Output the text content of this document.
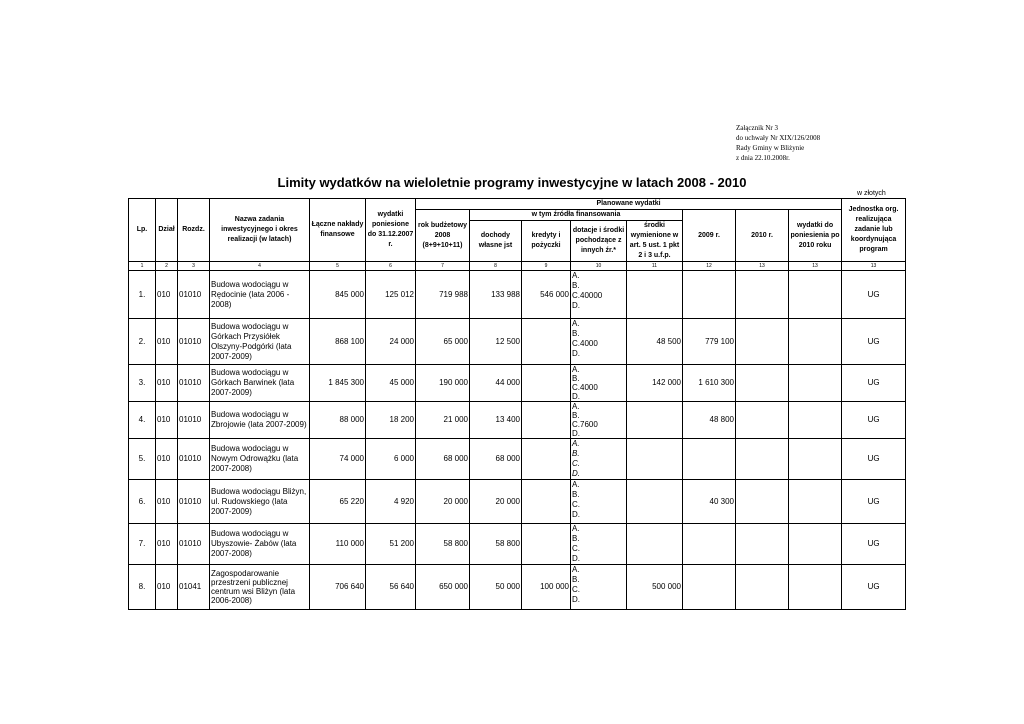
Załącznik Nr 3
do uchwały Nr XIX/126/2008
Rady Gminy w Bliżynie
z dnia 22.10.2008r.
Limity wydatków na wieloletnie programy inwestycyjne w latach 2008 - 2010
w złotych
Lp.	Dział	Rozdz.	Nazwa zadania inwestycyjnego i okres realizacji (w latach)	Łączne nakłady finansowe	wydatki poniesione do 31.12.2007 r.	Planowane wydatki								Jednostka org. realizująca zadanie lub koordynująca program
						rok budżetowy 2008 (8+9+10+11)	w tym źródła finansowania				2009 r.	2010 r.	wydatki do poniesienia po 2010 roku	
							dochody własne jst	kredyty i pożyczki	dotacje i środki pochodzące z innych źr.*	środki wymienione w art. 5 ust. 1 pkt 2 i 3 u.f.p.				

1	2	3	4	5	6	7	8	9	10	11	12	13	13	13
1.	010	01010	Budowa wodociągu w Rędocinie (lata 2006 - 2008)	845 000	125 012	719 988	133 988	546 000	A.
B.
C.40000
D.					UG
2.	010	01010	Budowa wodociągu w Górkach Przysiółek Olszyny-Podgórki (lata 2007-2009)	868 100	24 000	65 000	12 500		A.
B.
C.4000
D.	48 500	779 100			UG
3.	010	01010	Budowa wodociągu w Górkach Barwinek (lata 2007-2009)	1 845 300	45 000	190 000	44 000		A.
B.
C.4000
D.	142 000	1 610 300			UG
4.	010	01010	Budowa wodociągu w Zbrojowie (lata 2007-2009)	88 000	18 200	21 000	13 400		A.
B.
C.7600
D.		48 800			UG
5.	010	01010	Budowa wodociągu w Nowym Odrowążku (lata 2007-2008)	74 000	6 000	68 000	68 000		A.
B.
C.
D.					UG
6.	010	01010	Budowa wodociągu Bliżyn, ul. Rudowskiego (lata 2007-2009)	65 220	4 920	20 000	20 000		A.
B.
C.
D.		40 300			UG
7.	010	01010	Budowa wodociągu w Ubyszowie- Żabów (lata 2007-2008)	110 000	51 200	58 800	58 800		A.
B.
C.
D.					UG
8.	010	01041	Zagospodarowanie przestrzeni publicznej centrum wsi Bliżyn (lata 2006-2008)	706 640	56 640	650 000	50 000	100 000	A.
B.
C.
D.	500 000				UG
